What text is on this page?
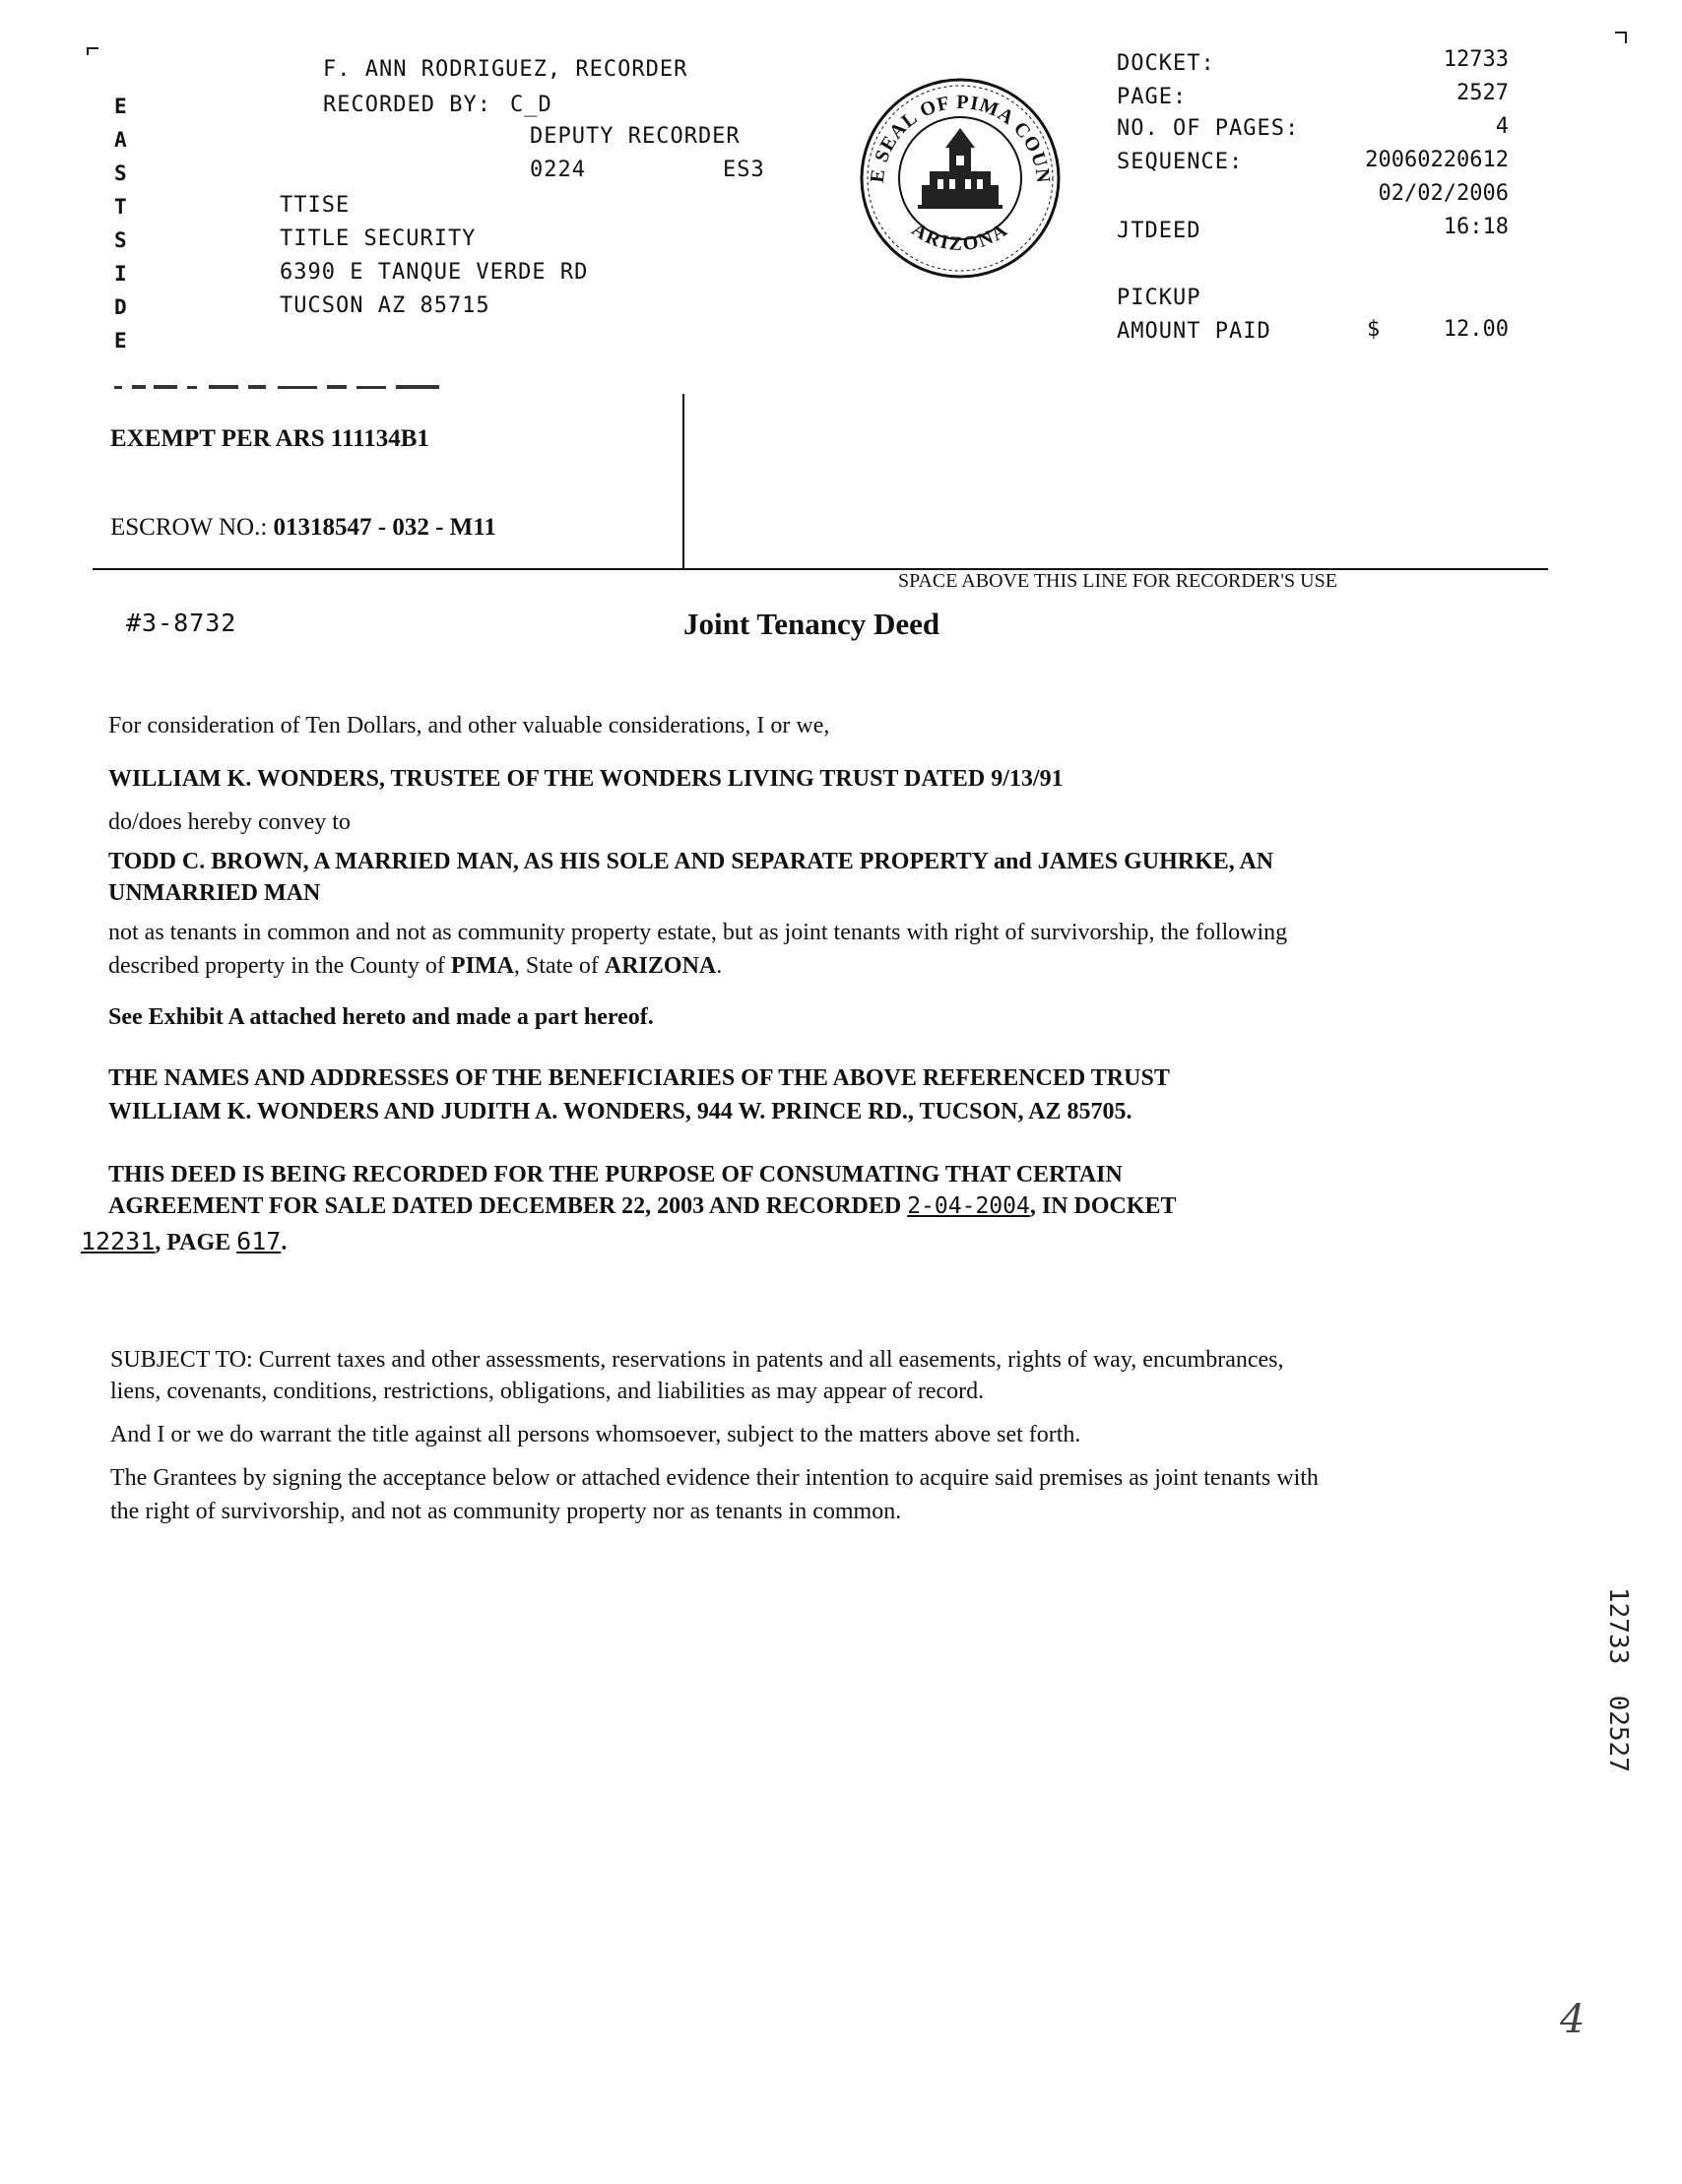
E
A
S
T
S
I
D
E
F. ANN RODRIGUEZ, RECORDER
RECORDED BY: C_D
DEPUTY RECORDER
0224	ES3
TTISE
TITLE SECURITY
6390 E TANQUE VERDE RD
TUCSON AZ 85715
E SEAL OF PIMA COUN
ARIZONA
DOCKET:	12733
PAGE:	2527
NO. OF PAGES:	4
SEQUENCE:	20060220612
02/02/2006
JTDEED	16:18
PICKUP
AMOUNT PAID	$	12.00
EXEMPT PER ARS 111134B1
ESCROW NO.: 01318547 - 032 - M11
SPACE ABOVE THIS LINE FOR RECORDER'S USE
#3-8732	Joint Tenancy Deed
For consideration of Ten Dollars, and other valuable considerations, I or we,
WILLIAM K. WONDERS, TRUSTEE OF THE WONDERS LIVING TRUST DATED 9/13/91
do/does hereby convey to
TODD C. BROWN, A MARRIED MAN, AS HIS SOLE AND SEPARATE PROPERTY and JAMES GUHRKE, AN
UNMARRIED MAN
not as tenants in common and not as community property estate, but as joint tenants with right of survivorship, the following
described property in the County of PIMA, State of ARIZONA.
See Exhibit A attached hereto and made a part hereof.
THE NAMES AND ADDRESSES OF THE BENEFICIARIES OF THE ABOVE REFERENCED TRUST
WILLIAM K. WONDERS AND JUDITH A. WONDERS, 944 W. PRINCE RD., TUCSON, AZ 85705.
THIS DEED IS BEING RECORDED FOR THE PURPOSE OF CONSUMATING THAT CERTAIN
AGREEMENT FOR SALE DATED DECEMBER 22, 2003 AND RECORDED 2-04-2004, IN DOCKET
12231, PAGE 617.
SUBJECT TO: Current taxes and other assessments, reservations in patents and all easements, rights of way, encumbrances,
liens, covenants, conditions, restrictions, obligations, and liabilities as may appear of record.
And I or we do warrant the title against all persons whomsoever, subject to the matters above set forth.
The Grantees by signing the acceptance below or attached evidence their intention to acquire said premises as joint tenants with
the right of survivorship, and not as community property nor as tenants in common.
12733  02527
4
